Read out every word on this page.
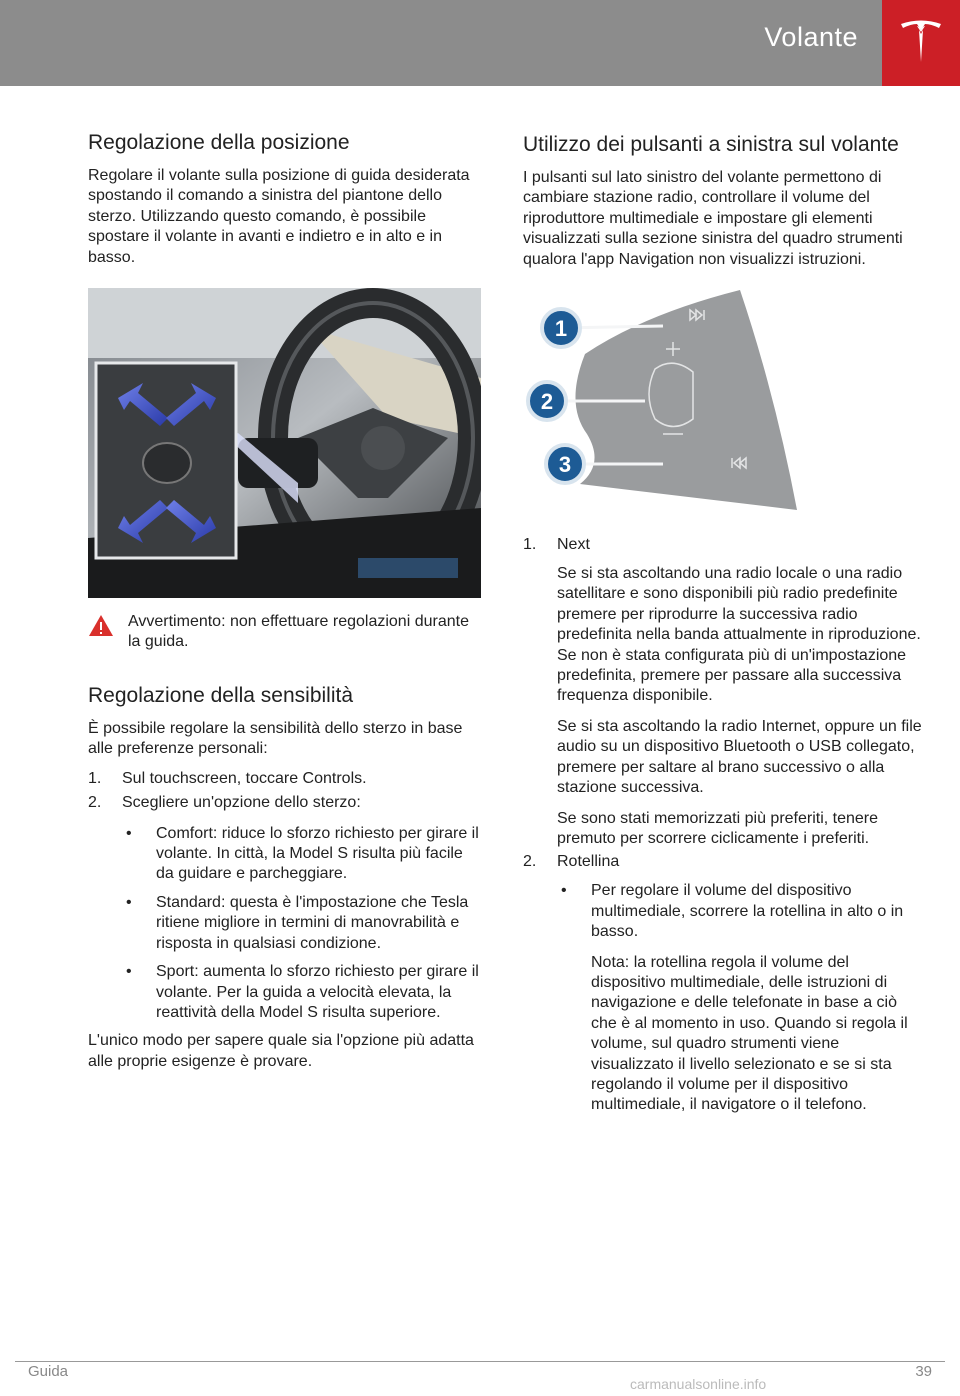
Volante
Regolazione della posizione

Regolare il volante sulla posizione di guida desiderata spostando il comando a sinistra del piantone dello sterzo. Utilizzando questo comando, è possibile spostare il volante in avanti e indietro e in alto e in basso.

Avvertimento: non effettuare regolazioni durante la guida.

Regolazione della sensibilità

È possibile regolare la sensibilità dello sterzo in base alle preferenze personali:

1. Sul touchscreen, toccare Controls.
2. Scegliere un'opzione dello sterzo:
• Comfort: riduce lo sforzo richiesto per girare il volante. In città, la Model S risulta più facile da guidare e parcheggiare.
• Standard: questa è l'impostazione che Tesla ritiene migliore in termini di manovrabilità e risposta in qualsiasi condizione.
• Sport: aumenta lo sforzo richiesto per girare il volante. Per la guida a velocità elevata, la reattività della Model S risulta superiore.

L'unico modo per sapere quale sia l'opzione più adatta alle proprie esigenze è provare.

Utilizzo dei pulsanti a sinistra sul volante

I pulsanti sul lato sinistro del volante permettono di cambiare stazione radio, controllare il volume del riproduttore multimediale e impostare gli elementi visualizzati sulla sezione sinistra del quadro strumenti qualora l'app Navigation non visualizzi istruzioni.

1
2
3
1. Next

Se si sta ascoltando una radio locale o una radio satellitare e sono disponibili più radio predefinite premere per riprodurre la successiva radio predefinita nella banda attualmente in riproduzione. Se non è stata configurata più di un'impostazione predefinita, premere per passare alla successiva frequenza disponibile.

Se si sta ascoltando la radio Internet, oppure un file audio su un dispositivo Bluetooth o USB collegato, premere per saltare al brano successivo o alla stazione successiva.

Se sono stati memorizzati più preferiti, tenere premuto per scorrere ciclicamente i preferiti.

2. Rotellina
• Per regolare il volume del dispositivo multimediale, scorrere la rotellina in alto o in basso.

Nota: la rotellina regola il volume del dispositivo multimediale, delle istruzioni di navigazione e delle telefonate in base a ciò che è al momento in uso. Quando si regola il volume, sul quadro strumenti viene visualizzato il livello selezionato e se si sta regolando il volume per il dispositivo multimediale, il navigatore o il telefono.

Guida	39
carmanualsonline.info
